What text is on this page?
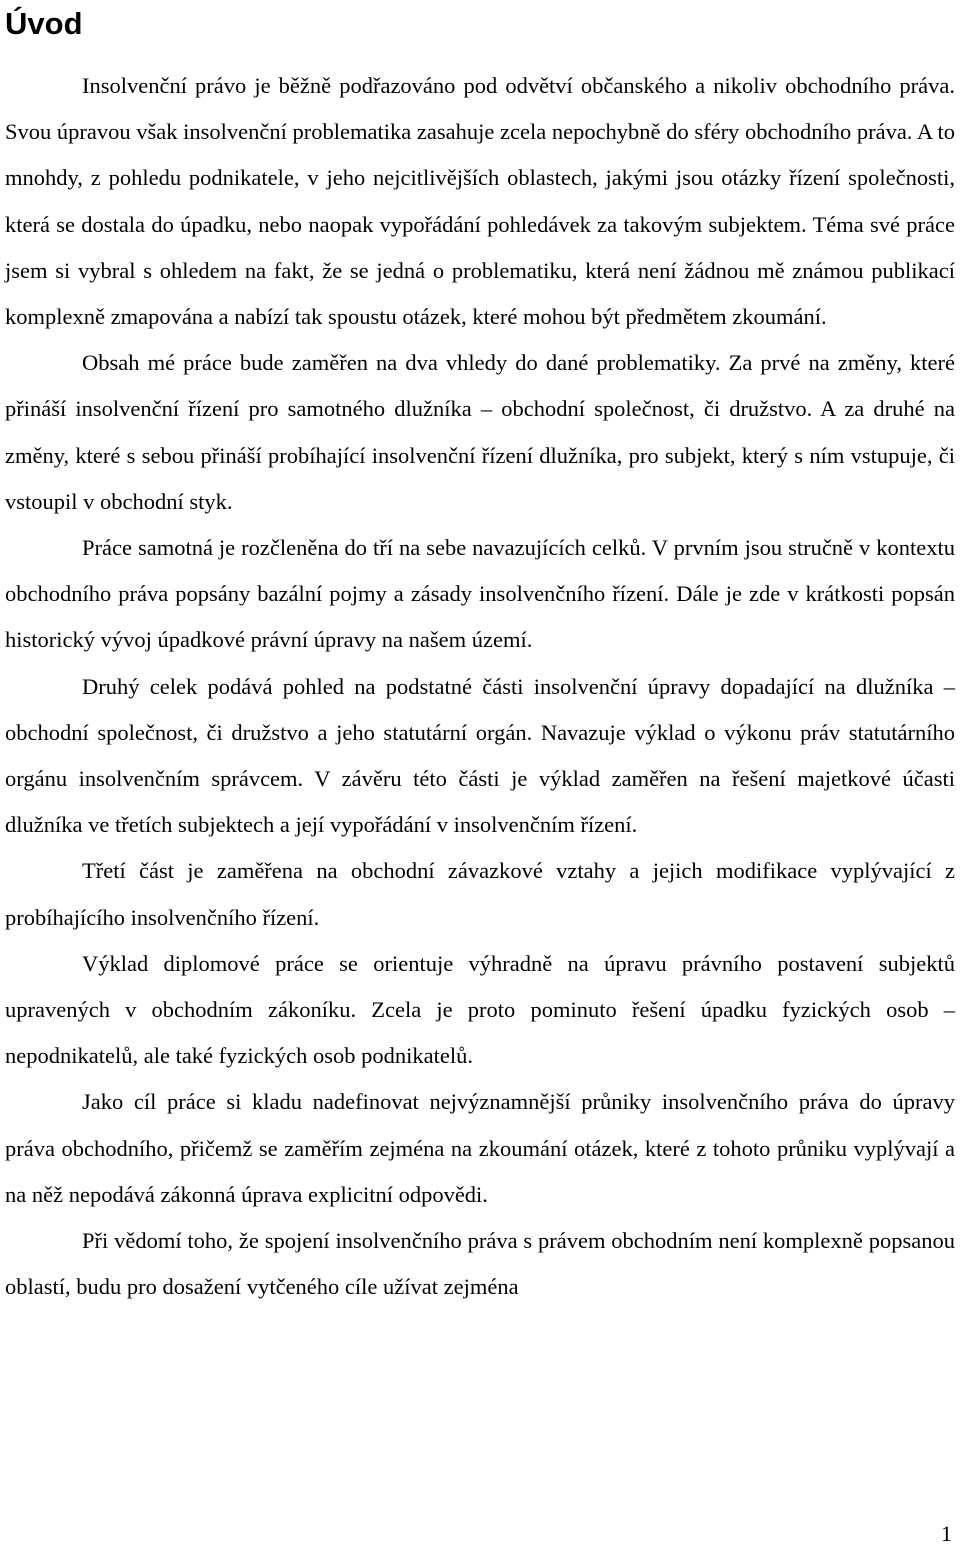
Úvod

Insolvenční právo je běžně podřazováno pod odvětví občanského a nikoliv obchodního práva. Svou úpravou však insolvenční problematika zasahuje zcela nepochybně do sféry obchodního práva. A to mnohdy, z pohledu podnikatele, v jeho nejcitlivějších oblastech, jakými jsou otázky řízení společnosti, která se dostala do úpadku, nebo naopak vypořádání pohledávek za takovým subjektem. Téma své práce jsem si vybral s ohledem na fakt, že se jedná o problematiku, která není žádnou mě známou publikací komplexně zmapována a nabízí tak spoustu otázek, které mohou být předmětem zkoumání.

Obsah mé práce bude zaměřen na dva vhledy do dané problematiky. Za prvé na změny, které přináší insolvenční řízení pro samotného dlužníka – obchodní společnost, či družstvo. A za druhé na změny, které s sebou přináší probíhající insolvenční řízení dlužníka, pro subjekt, který s ním vstupuje, či vstoupil v obchodní styk.

Práce samotná je rozčleněna do tří na sebe navazujících celků. V prvním jsou stručně v kontextu obchodního práva popsány bazální pojmy a zásady insolvenčního řízení. Dále je zde v krátkosti popsán historický vývoj úpadkové právní úpravy na našem území.

Druhý celek podává pohled na podstatné části insolvenční úpravy dopadající na dlužníka – obchodní společnost, či družstvo a jeho statutární orgán. Navazuje výklad o výkonu práv statutárního orgánu insolvenčním správcem. V závěru této části je výklad zaměřen na řešení majetkové účasti dlužníka ve třetích subjektech a její vypořádání v insolvenčním řízení.

Třetí část je zaměřena na obchodní závazkové vztahy a jejich modifikace vyplývající z probíhajícího insolvenčního řízení.

Výklad diplomové práce se orientuje výhradně na úpravu právního postavení subjektů upravených v obchodním zákoníku. Zcela je proto pominuto řešení úpadku fyzických osob – nepodnikatelů, ale také fyzických osob podnikatelů.

Jako cíl práce si kladu nadefinovat nejvýznamnější průniky insolvenčního práva do úpravy práva obchodního, přičemž se zaměřím zejména na zkoumání otázek, které z tohoto průniku vyplývají a na něž nepodává zákonná úprava explicitní odpovědi.

Při vědomí toho, že spojení insolvenčního práva s právem obchodním není komplexně popsanou oblastí, budu pro dosažení vytčeného cíle užívat zejména

1
